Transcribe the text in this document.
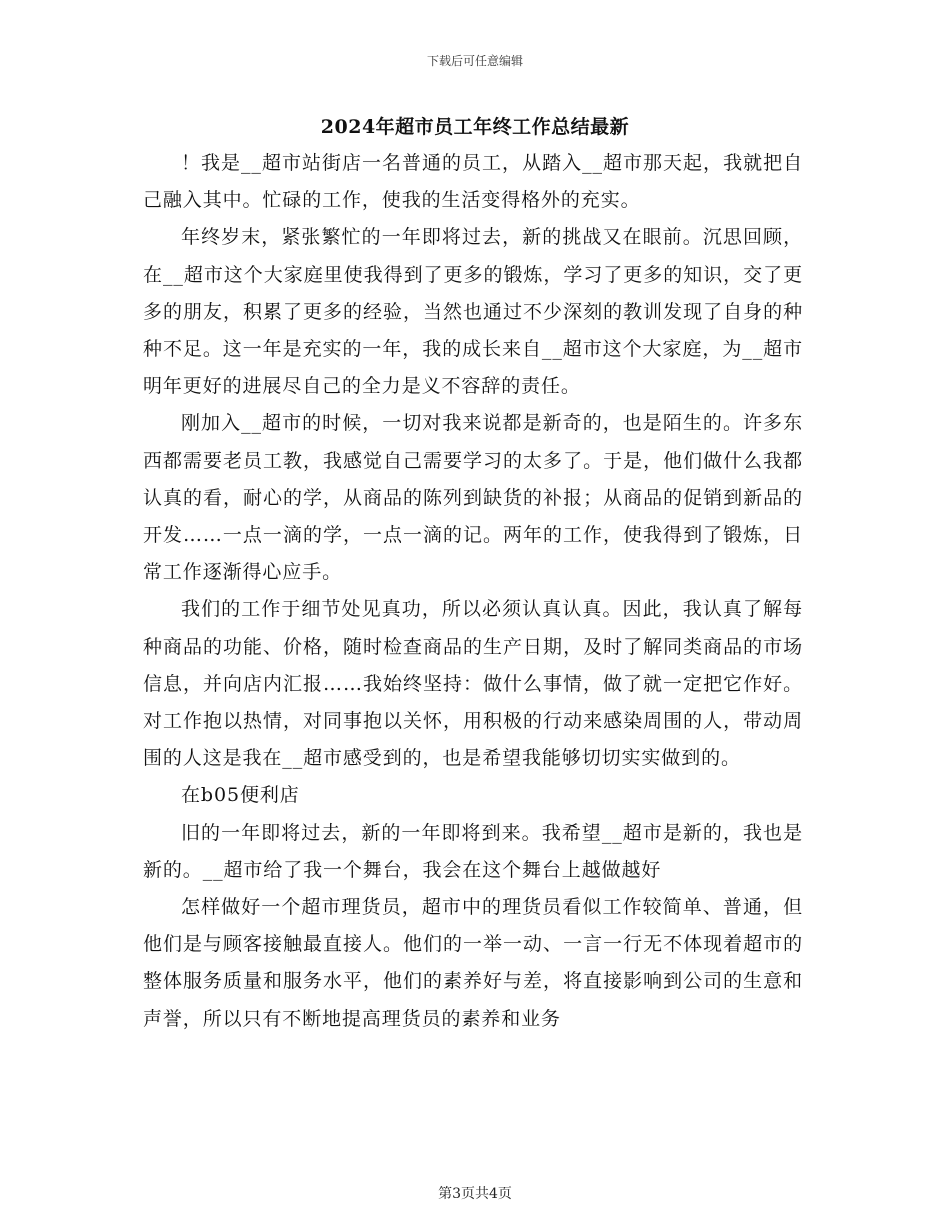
下载后可任意编辑
2024年超市员工年终工作总结最新

！我是__超市站街店一名普通的员工，从踏入__超市那天起，我就把自己融入其中。忙碌的工作，使我的生活变得格外的充实。

年终岁末，紧张繁忙的一年即将过去，新的挑战又在眼前。沉思回顾，在__超市这个大家庭里使我得到了更多的锻炼，学习了更多的知识，交了更多的朋友，积累了更多的经验，当然也通过不少深刻的教训发现了自身的种种不足。这一年是充实的一年，我的成长来自__超市这个大家庭，为__超市明年更好的进展尽自己的全力是义不容辞的责任。

刚加入__超市的时候，一切对我来说都是新奇的，也是陌生的。许多东西都需要老员工教，我感觉自己需要学习的太多了。于是，他们做什么我都认真的看，耐心的学，从商品的陈列到缺货的补报；从商品的促销到新品的开发……一点一滴的学，一点一滴的记。两年的工作，使我得到了锻炼，日常工作逐渐得心应手。

我们的工作于细节处见真功，所以必须认真认真。因此，我认真了解每种商品的功能、价格，随时检查商品的生产日期，及时了解同类商品的市场信息，并向店内汇报……我始终坚持：做什么事情，做了就一定把它作好。对工作抱以热情，对同事抱以关怀，用积极的行动来感染周围的人，带动周围的人这是我在__超市感受到的，也是希望我能够切切实实做到的。

在b05便利店

旧的一年即将过去，新的一年即将到来。我希望__超市是新的，我也是新的。__超市给了我一个舞台，我会在这个舞台上越做越好

怎样做好一个超市理货员，超市中的理货员看似工作较简单、普通，但他们是与顾客接触最直接人。他们的一举一动、一言一行无不体现着超市的整体服务质量和服务水平，他们的素养好与差，将直接影响到公司的生意和声誉，所以只有不断地提高理货员的素养和业务

第3页共4页
